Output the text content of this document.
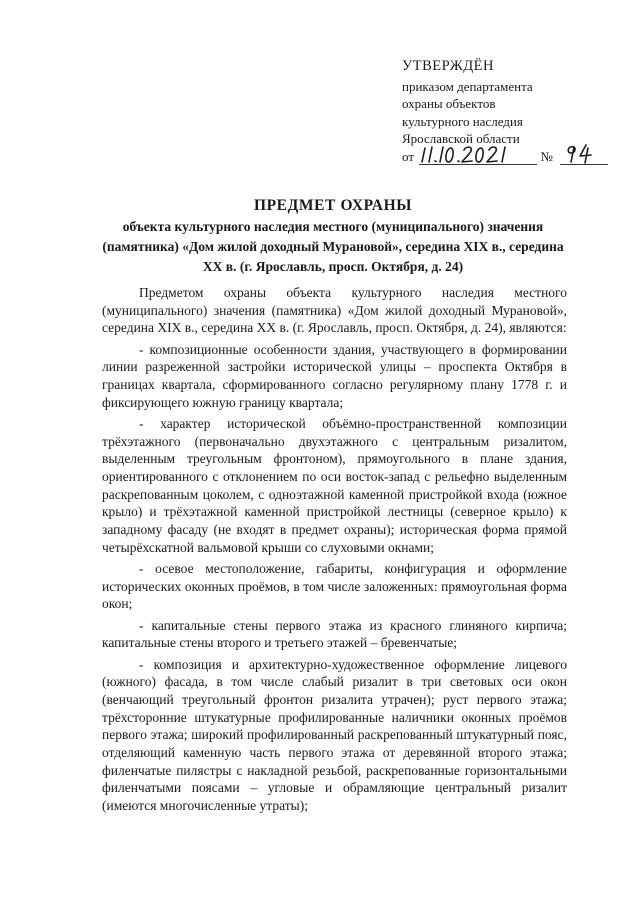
УТВЕРЖДЁН
приказом департамента
охраны объектов
культурного наследия
Ярославской области
от	№
ПРЕДМЕТ ОХРАНЫ
объекта культурного наследия местного (муниципального) значения (памятника) «Дом жилой доходный Мурановой», середина XIX в., середина XX в. (г. Ярославль, просп. Октября, д. 24)

Предметом охраны объекта культурного наследия местного (муниципального) значения (памятника) «Дом жилой доходный Мурановой», середина XIX в., середина XX в. (г. Ярославль, просп. Октября, д. 24), являются:

- композиционные особенности здания, участвующего в формировании линии разреженной застройки исторической улицы – проспекта Октября в границах квартала, сформированного согласно регулярному плану 1778 г. и фиксирующего южную границу квартала;

- характер исторической объёмно-пространственной композиции трёхэтажного (первоначально двухэтажного с центральным ризалитом, выделенным треугольным фронтоном), прямоугольного в плане здания, ориентированного с отклонением по оси восток-запад с рельефно выделенным раскрепованным цоколем, с одноэтажной каменной пристройкой входа (южное крыло) и трёхэтажной каменной пристройкой лестницы (северное крыло) к западному фасаду (не входят в предмет охраны); историческая форма прямой четырёхскатной вальмовой крыши со слуховыми окнами;

- осевое местоположение, габариты, конфигурация и оформление исторических оконных проёмов, в том числе заложенных: прямоугольная форма окон;

- капитальные стены первого этажа из красного глиняного кирпича; капитальные стены второго и третьего этажей – бревенчатые;

- композиция и архитектурно-художественное оформление лицевого (южного) фасада, в том числе слабый ризалит в три световых оси окон (венчающий треугольный фронтон ризалита утрачен); руст первого этажа; трёхсторонние штукатурные профилированные наличники оконных проёмов первого этажа; широкий профилированный раскрепованный штукатурный пояс, отделяющий каменную часть первого этажа от деревянной второго этажа; филенчатые пилястры с накладной резьбой, раскрепованные горизонтальными филенчатыми поясами – угловые и обрамляющие центральный ризалит (имеются многочисленные утраты);
